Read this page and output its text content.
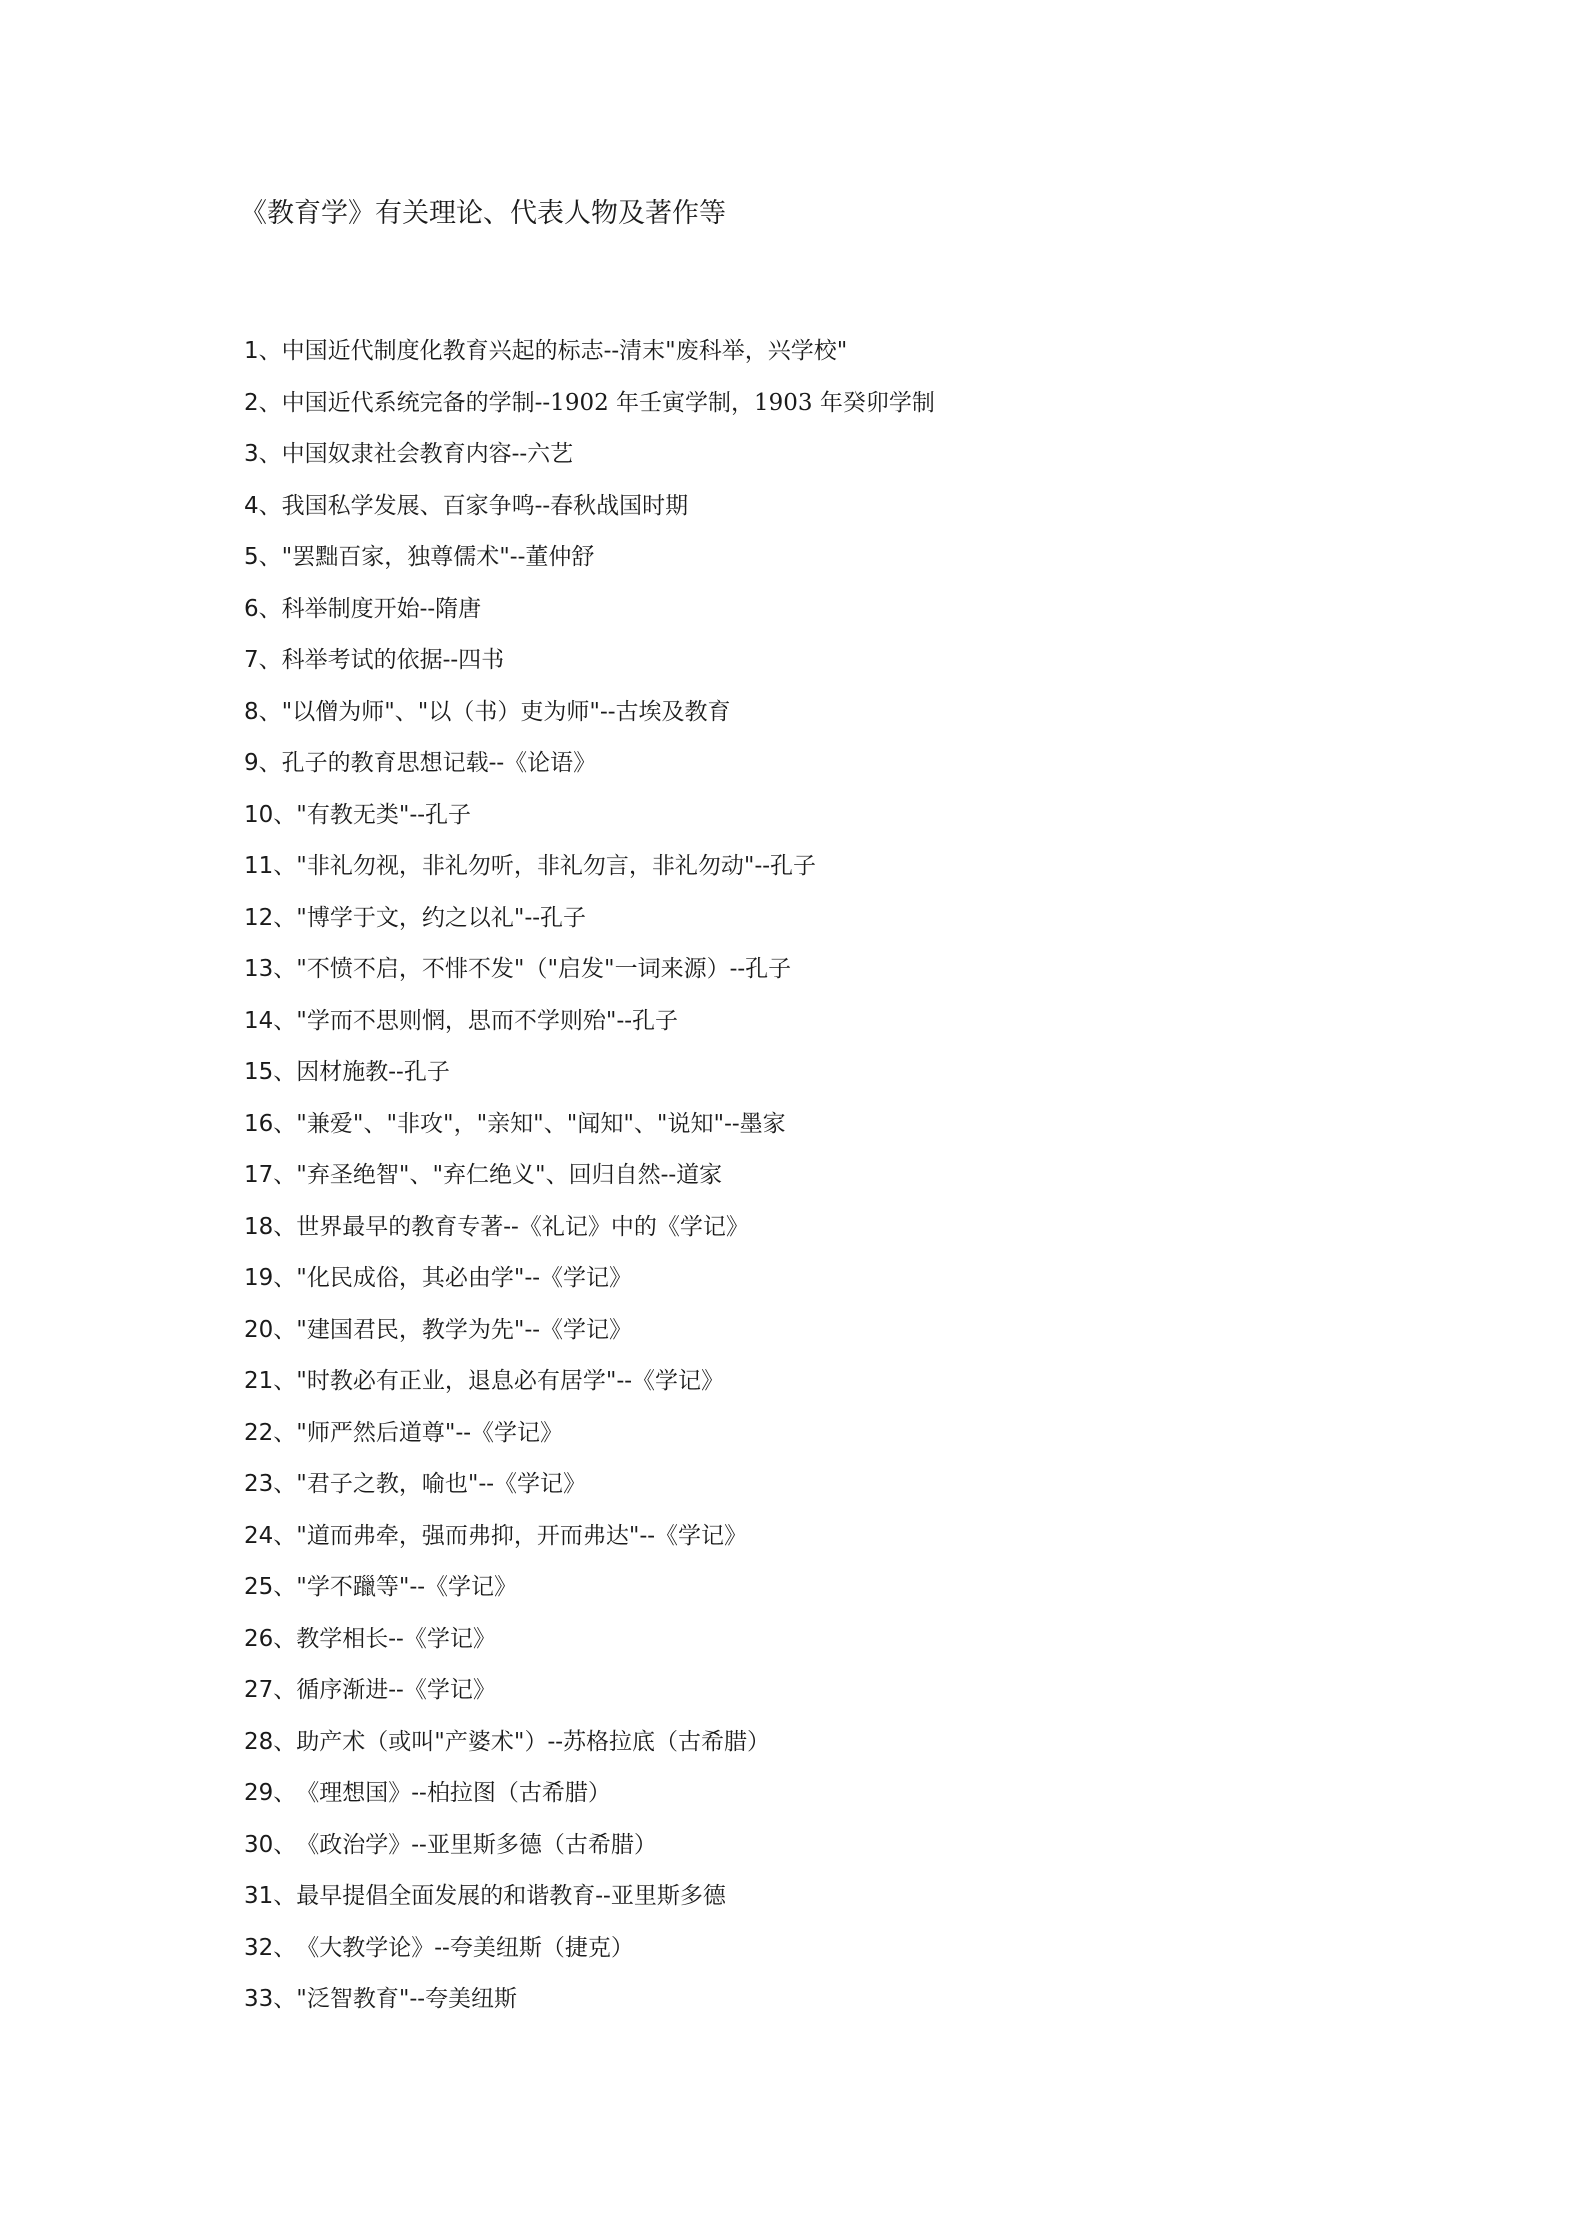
《教育学》有关理论、代表人物及著作等
1、 中国近代制度化教育兴起的标志--清末"废科举，兴学校"
2、 中国近代系统完备的学制--1902 年壬寅学制，1903 年癸卯学制
3、 中国奴隶社会教育内容--六艺
4、 我国私学发展、百家争鸣--春秋战国时期
5、 "罢黜百家，独尊儒术"--董仲舒
6、 科举制度开始--隋唐
7、 科举考试的依据--四书
8、 "以僧为师"、"以（书）吏为师"--古埃及教育
9、 孔子的教育思想记载--《论语》
10、 "有教无类"--孔子
11、 "非礼勿视，非礼勿听，非礼勿言，非礼勿动"--孔子
12、 "博学于文，约之以礼"--孔子
13、 "不愤不启，不悱不发"（"启发"一词来源）--孔子
14、 "学而不思则惘，思而不学则殆"--孔子
15、 因材施教--孔子
16、 "兼爱"、"非攻"，"亲知"、"闻知"、"说知"--墨家
17、 "弃圣绝智"、"弃仁绝义"、回归自然--道家
18、 世界最早的教育专著--《礼记》中的《学记》
19、 "化民成俗，其必由学"--《学记》
20、 "建国君民，教学为先"--《学记》
21、 "时教必有正业，退息必有居学"--《学记》
22、 "师严然后道尊"--《学记》
23、 "君子之教，喻也"--《学记》
24、 "道而弗牵，强而弗抑，开而弗达"--《学记》
25、 "学不躐等"--《学记》
26、 教学相长--《学记》
27、 循序渐进--《学记》
28、 助产术（或叫"产婆术"）--苏格拉底（古希腊）
29、 《理想国》--柏拉图（古希腊）
30、 《政治学》--亚里斯多德（古希腊）
31、 最早提倡全面发展的和谐教育--亚里斯多德
32、 《大教学论》--夸美纽斯（捷克）
33、 "泛智教育"--夸美纽斯
